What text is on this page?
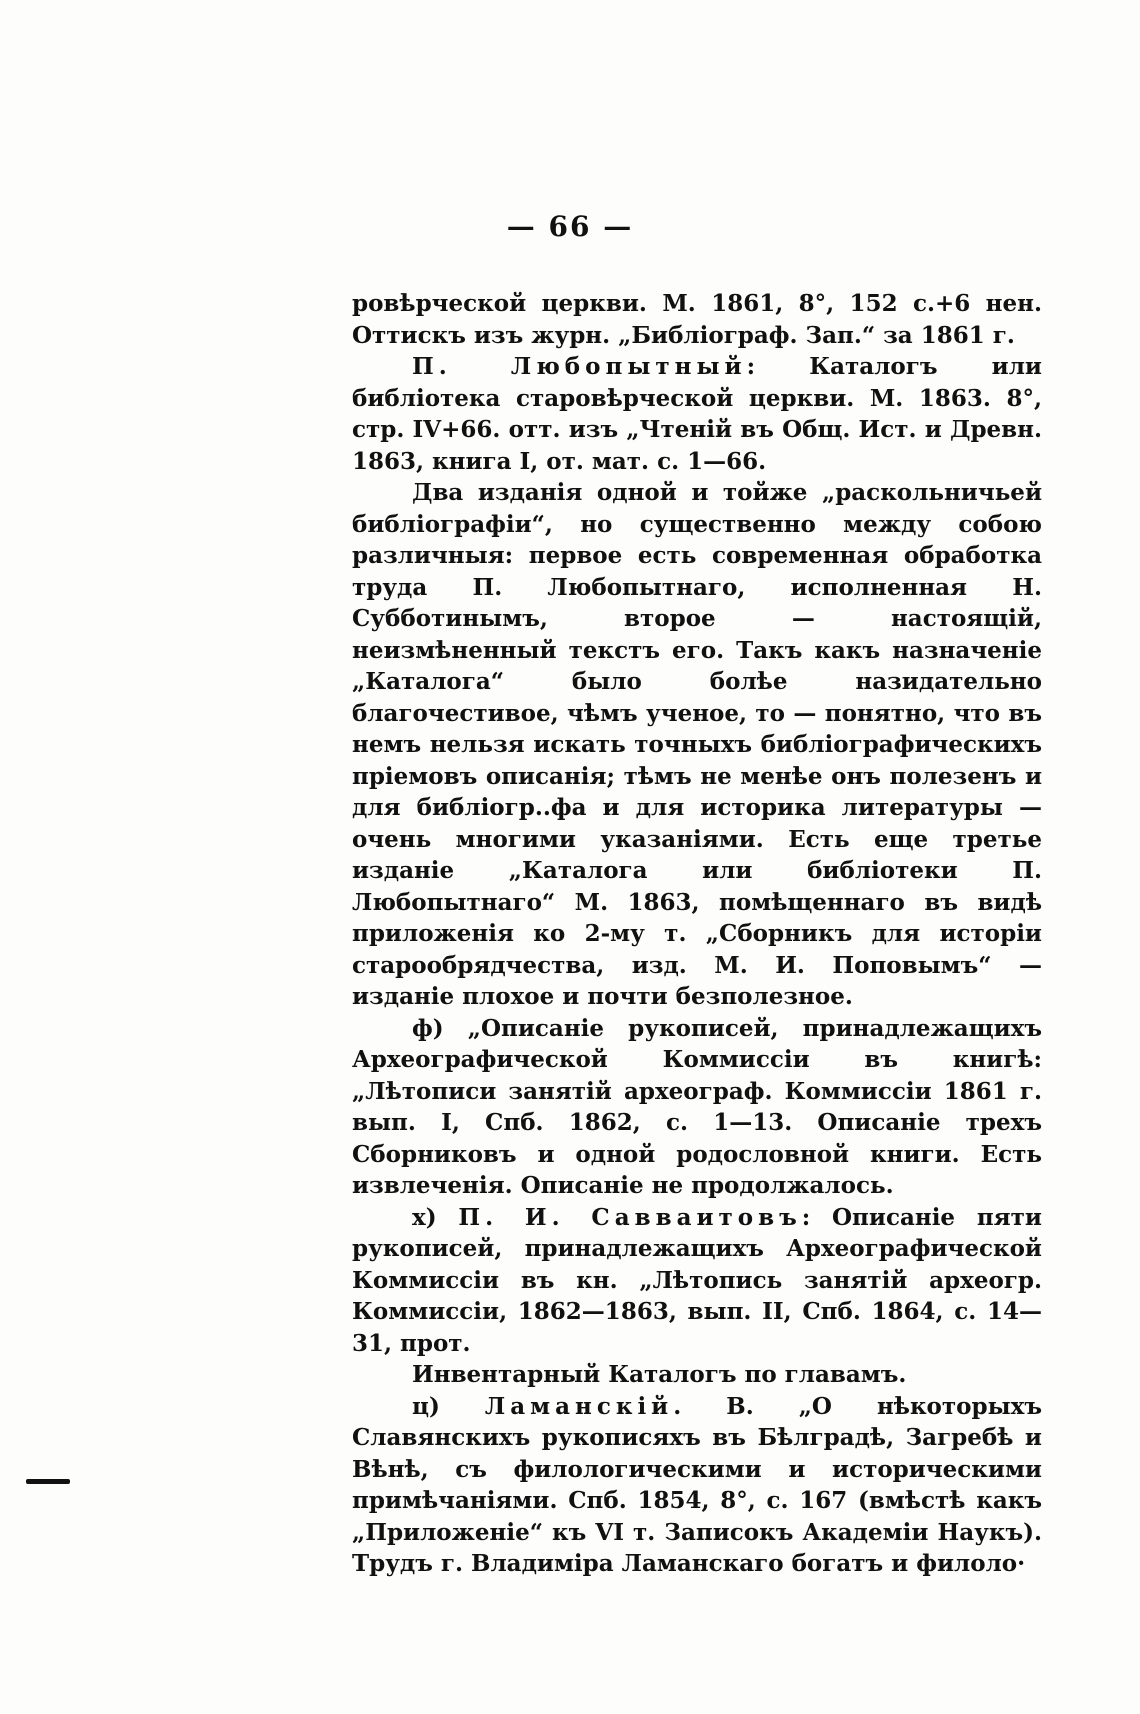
— 66 —

ровѣрческой церкви. М. 1861, 8°, 152 с.+6 нен. Оттискъ изъ журн. „Библіограф. Зап.“ за 1861 г.

П. Любопытный: Каталогъ или библіотека старовѣрческой церкви. М. 1863. 8°, стр. IV+66. отт. изъ „Чтеній въ Общ. Ист. и Древн. 1863, книга I, от. мат. с. 1—66.

Два изданія одной и тойже „раскольничьей библіографіи“, но существенно между собою различныя: первое есть современная обработка труда П. Любопытнаго, исполненная Н. Субботинымъ, второе — настоящій, неизмѣненный текстъ его. Такъ какъ назначеніе „Каталога“ было болѣе назидательно благочестивое, чѣмъ ученое, то — понятно, что въ немъ нельзя искать точныхъ библіографическихъ пріемовъ описанія; тѣмъ не менѣе онъ полезенъ и для библіогр..фа и для историка литературы — очень многими указаніями. Есть еще третье изданіе „Каталога или библіотеки П. Любопытнаго“ М. 1863, помѣщеннаго въ видѣ приложенія ко 2-му т. „Сборникъ для исторіи старообрядчества, изд. М. И. Поповымъ“ — изданіе плохое и почти безполезное.

ф) „Описаніе рукописей, принадлежащихъ Археографической Коммиссіи въ книгѣ: „Лѣтописи занятій археограф. Коммиссіи 1861 г. вып. I, Спб. 1862, с. 1—13. Описаніе трехъ Сборниковъ и одной родословной книги. Есть извлеченія. Описаніе не продолжалось.

х) П. И. Савваитовъ: Описаніе пяти рукописей, принадлежащихъ Археографической Коммиссіи въ кн. „Лѣтопись занятій археогр. Коммиссіи, 1862—1863, вып. II, Спб. 1864, с. 14—31, прот.

Инвентарный Каталогъ по главамъ.

ц) Ламанскій. В. „О нѣкоторыхъ Славянскихъ рукописяхъ въ Бѣлградѣ, Загребѣ и Вѣнѣ, съ филологическими и историческими примѣчаніями. Спб. 1854, 8°, с. 167 (вмѣстѣ какъ „Приложеніе“ къ VI т. Записокъ Академіи Наукъ). Трудъ г. Владиміра Ламанскаго богатъ и филоло·
